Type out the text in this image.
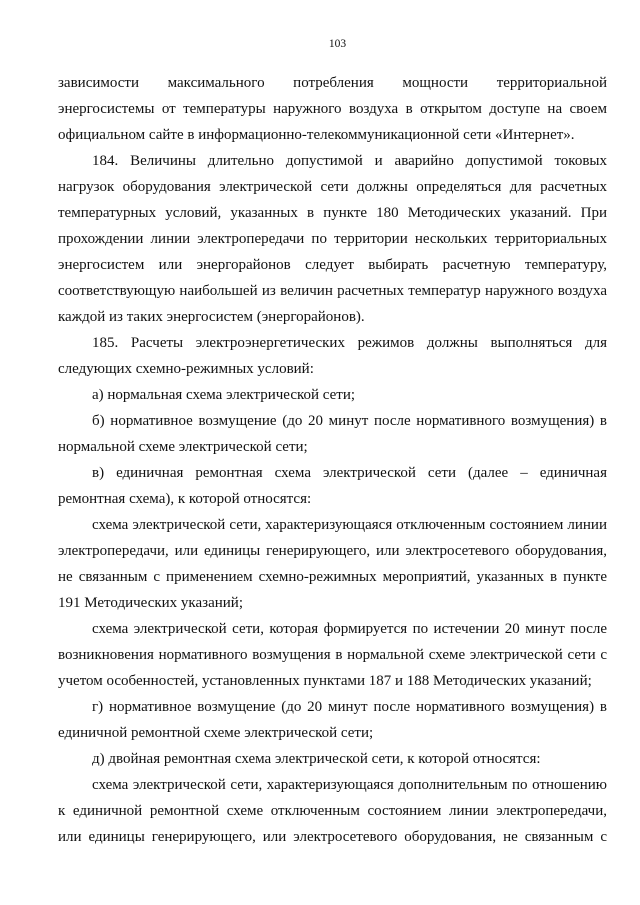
103

зависимости максимального потребления мощности территориальной энергосистемы от температуры наружного воздуха в открытом доступе на своем официальном сайте в информационно-телекоммуникационной сети «Интернет».

184. Величины длительно допустимой и аварийно допустимой токовых нагрузок оборудования электрической сети должны определяться для расчетных температурных условий, указанных в пункте 180 Методических указаний. При прохождении линии электропередачи по территории нескольких территориальных энергосистем или энергорайонов следует выбирать расчетную температуру, соответствующую наибольшей из величин расчетных температур наружного воздуха каждой из таких энергосистем (энергорайонов).

185. Расчеты электроэнергетических режимов должны выполняться для следующих схемно-режимных условий:

а) нормальная схема электрической сети;

б) нормативное возмущение (до 20 минут после нормативного возмущения) в нормальной схеме электрической сети;

в) единичная ремонтная схема электрической сети (далее – единичная ремонтная схема), к которой относятся:

схема электрической сети, характеризующаяся отключенным состоянием линии электропередачи, или единицы генерирующего, или электросетевого оборудования, не связанным с применением схемно-режимных мероприятий, указанных в пункте 191 Методических указаний;

схема электрической сети, которая формируется по истечении 20 минут после возникновения нормативного возмущения в нормальной схеме электрической сети с учетом особенностей, установленных пунктами 187 и 188 Методических указаний;

г) нормативное возмущение (до 20 минут после нормативного возмущения) в единичной ремонтной схеме электрической сети;

д) двойная ремонтная схема электрической сети, к которой относятся:

схема электрической сети, характеризующаяся дополнительным по отношению к единичной ремонтной схеме отключенным состоянием линии электропередачи, или единицы генерирующего, или электросетевого оборудования, не связанным с
